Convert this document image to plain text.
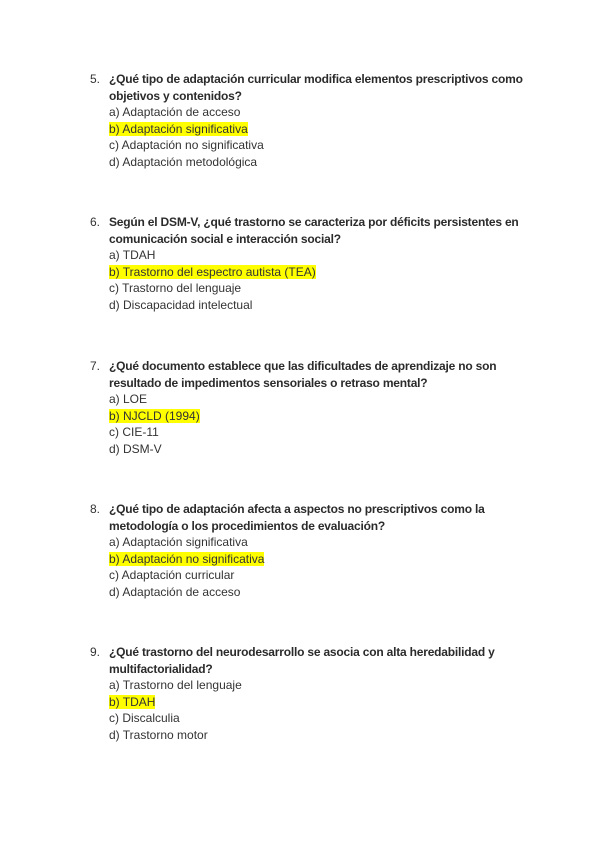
5. ¿Qué tipo de adaptación curricular modifica elementos prescriptivos como objetivos y contenidos?
a) Adaptación de acceso
b) Adaptación significativa
c) Adaptación no significativa
d) Adaptación metodológica
6. Según el DSM-V, ¿qué trastorno se caracteriza por déficits persistentes en comunicación social e interacción social?
a) TDAH
b) Trastorno del espectro autista (TEA)
c) Trastorno del lenguaje
d) Discapacidad intelectual
7. ¿Qué documento establece que las dificultades de aprendizaje no son resultado de impedimentos sensoriales o retraso mental?
a) LOE
b) NJCLD (1994)
c) CIE-11
d) DSM-V
8. ¿Qué tipo de adaptación afecta a aspectos no prescriptivos como la metodología o los procedimientos de evaluación?
a) Adaptación significativa
b) Adaptación no significativa
c) Adaptación curricular
d) Adaptación de acceso
9. ¿Qué trastorno del neurodesarrollo se asocia con alta heredabilidad y multifactorialidad?
a) Trastorno del lenguaje
b) TDAH
c) Discalculia
d) Trastorno motor
